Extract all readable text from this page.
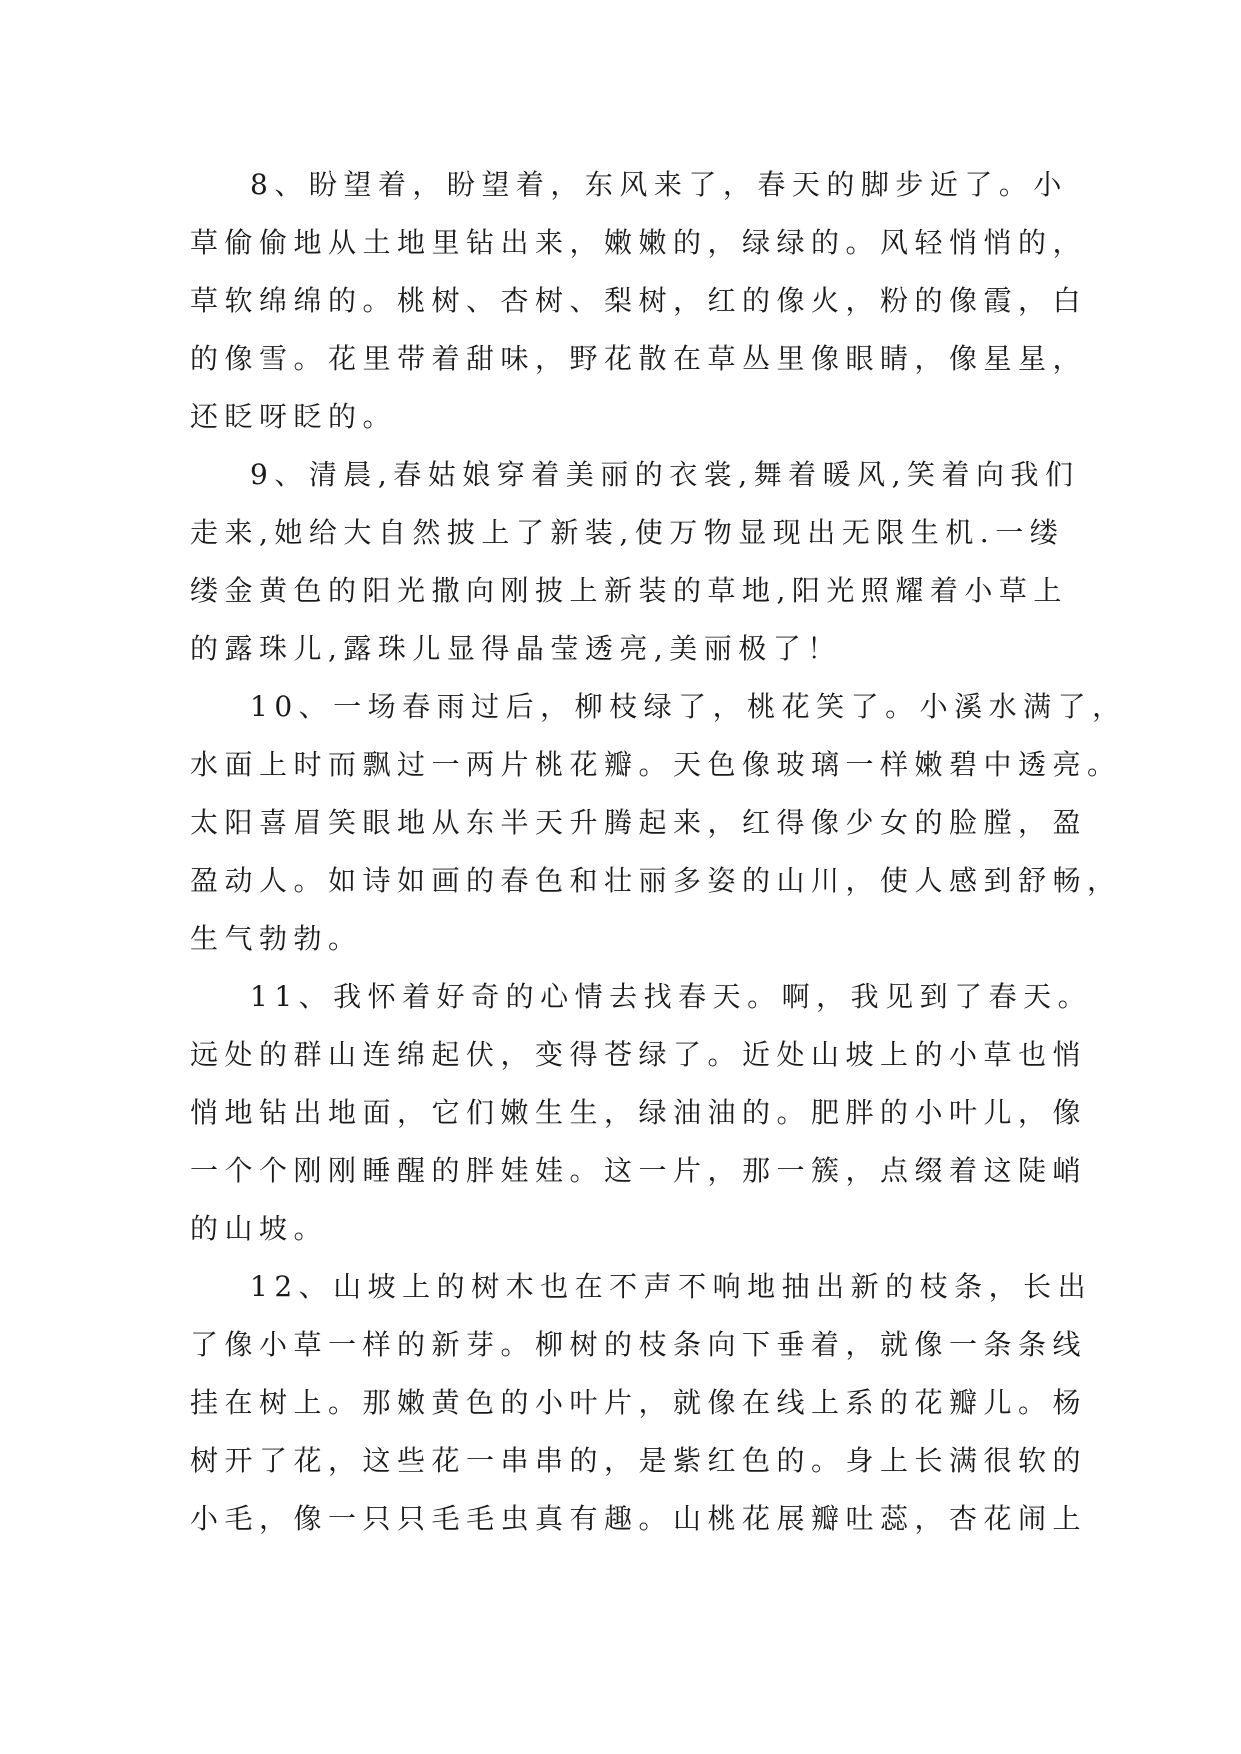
8、盼望着，盼望着，东风来了，春天的脚步近了。小
草偷偷地从土地里钻出来，嫩嫩的，绿绿的。风轻悄悄的，
草软绵绵的。桃树、杏树、梨树，红的像火，粉的像霞，白
的像雪。花里带着甜味，野花散在草丛里像眼睛，像星星，
还眨呀眨的。
9、清晨,春姑娘穿着美丽的衣裳,舞着暖风,笑着向我们
走来,她给大自然披上了新装,使万物显现出无限生机.一缕
缕金黄色的阳光撒向刚披上新装的草地,阳光照耀着小草上
的露珠儿,露珠儿显得晶莹透亮,美丽极了！
10、一场春雨过后，柳枝绿了，桃花笑了。小溪水满了，
水面上时而飘过一两片桃花瓣。天色像玻璃一样嫩碧中透亮。
太阳喜眉笑眼地从东半天升腾起来，红得像少女的脸膛，盈
盈动人。如诗如画的春色和壮丽多姿的山川，使人感到舒畅，
生气勃勃。
11、我怀着好奇的心情去找春天。啊，我见到了春天。
远处的群山连绵起伏，变得苍绿了。近处山坡上的小草也悄
悄地钻出地面，它们嫩生生，绿油油的。肥胖的小叶儿，像
一个个刚刚睡醒的胖娃娃。这一片，那一簇，点缀着这陡峭
的山坡。
12、山坡上的树木也在不声不响地抽出新的枝条，长出
了像小草一样的新芽。柳树的枝条向下垂着，就像一条条线
挂在树上。那嫩黄色的小叶片，就像在线上系的花瓣儿。杨
树开了花，这些花一串串的，是紫红色的。身上长满很软的
小毛，像一只只毛毛虫真有趣。山桃花展瓣吐蕊，杏花闹上
